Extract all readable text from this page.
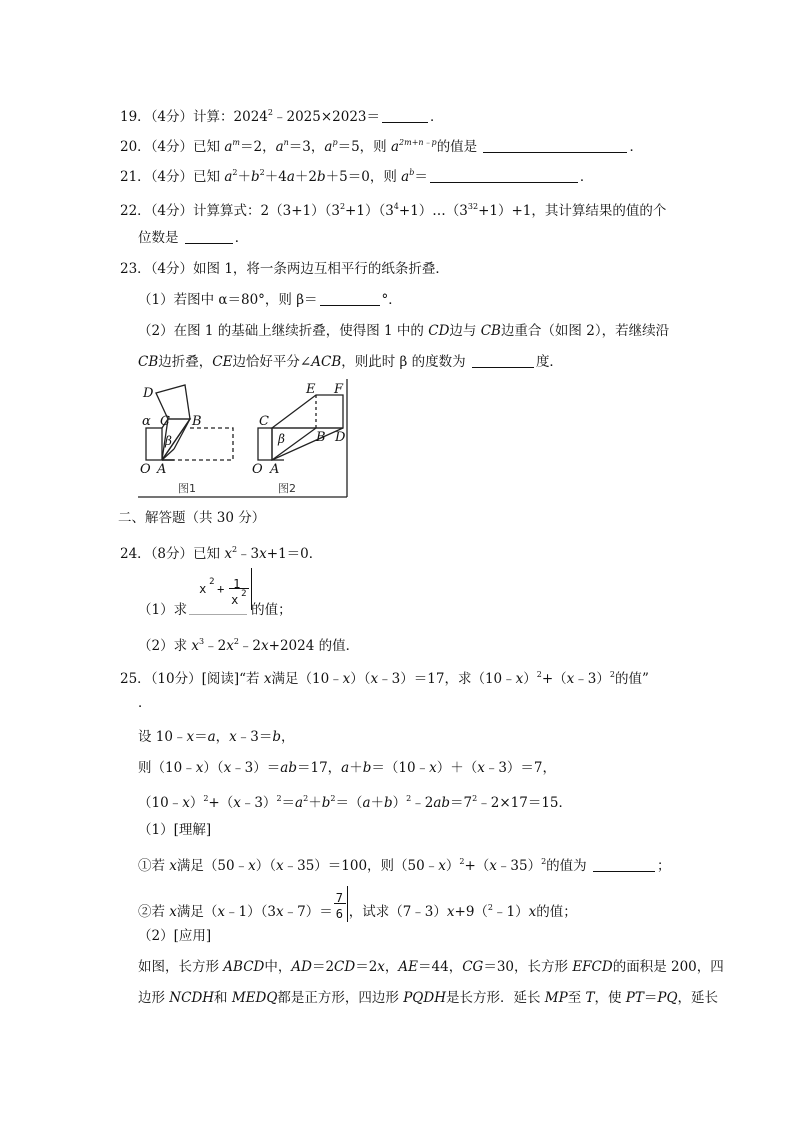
19．（4分）计算：$2024^2﹣2025\times 2023=$	．
20．（4分）已知 $a^m=2$，$a^n=3$，$a^p=5$，则 $a^{2m+n﹣p}$的值是	．
21．（4分）已知 $a^2+b^2+4a+2b+5=0$，则 $a^b=$	．
22．（4分）计算算式：$2(3+1)(3^2+1)(3^4+1)\dots(3^{32}+1)+1$，其计算结果的值的个
位数是	．
23．（4分）如图 1，将一条两边互相平行的纸条折叠．
（1）若图中 α＝80°，则 β＝	°．
（2）在图 1 的基础上继续折叠，使得图 1 中的 CD边与 CB边重合（如图 2），若继续沿
CB边折叠，CE边恰好平分∠ACB，则此时 β 的度数为	度．
D
α C B
β
O A
E F
C
β B D
O A
图1	图2
二、解答题（共 30 分）
24．（8分）已知 $x^2﹣3x+1=0$．
（1）求
x 2 + 1
x 2
的值；
（2）求 $x^3﹣2x^2﹣2x+2024$ 的值．
25．（10分）[阅读]“若 x满足（10﹣x）（x﹣3）＝17，求（10﹣x）$^2$+（x﹣3）$^2$的值”
．
设 10﹣x＝a，x﹣3＝b，
则（10﹣x）（x﹣3）＝ab＝17，a＋b＝（10﹣x）＋（x﹣3）＝7，
$(10﹣x)^2+(x﹣3)^2=a^2+b^2=(a+b)^2﹣2ab=7^2﹣2\times 17=15$．
（1）[理解]
①若 x满足（50﹣x）（x﹣35）＝100，则（50﹣x）$^2$+（x﹣35）$^2$的值为	；
②若 x满足（x﹣1）（3x﹣7）＝ $\frac{7}{6}$ ，试求（7﹣3）x+9（$^2$﹣1）x的值；
（2）[应用]
如图，长方形 ABCD中，AD＝2CD＝2x，AE＝44，CG＝30，长方形 EFCD的面积是 200，四
边形 NCDH和 MEDQ都是正方形，四边形 PQDH是长方形．延长 MP至 T，使 PT＝PQ，延长
